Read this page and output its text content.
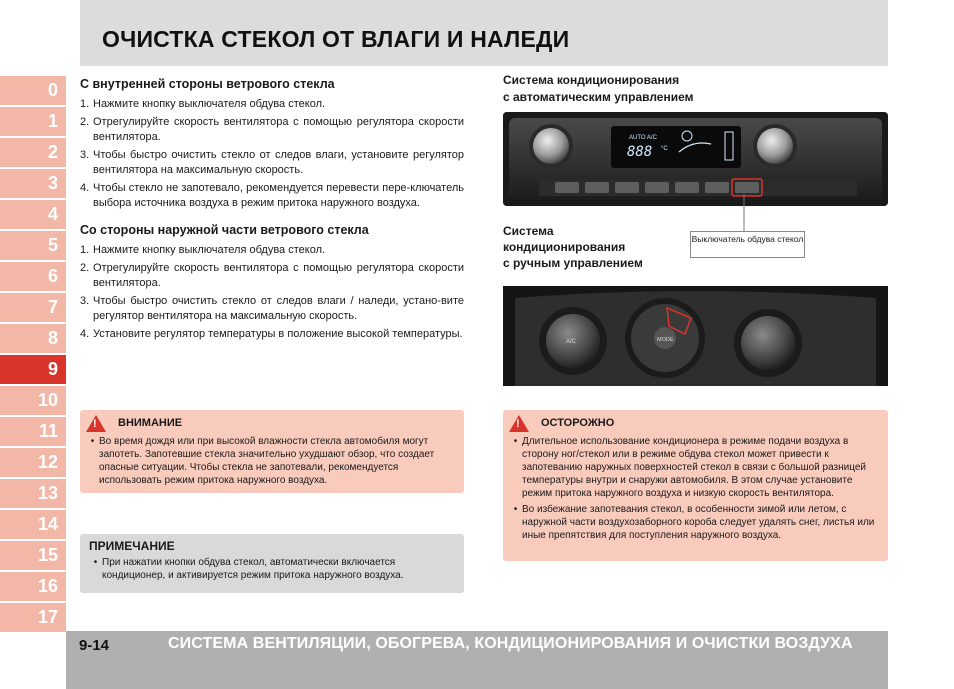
ОЧИСТКА СТЕКОЛ ОТ ВЛАГИ И НАЛЕДИ
0
1
2
3
4
5
6
7
8
9
10
11
12
13
14
15
16
17
С внутренней стороны ветрового стекла
1. Нажмите кнопку выключателя обдува стекол.
2. Отрегулируйте скорость вентилятора с помощью регулятора скорости вентилятора.
3. Чтобы быстро очистить стекло от следов влаги, установите регулятор вентилятора на максимальную скорость.
4. Чтобы стекло не запотевало, рекомендуется перевести пере-ключатель выбора источника воздуха в режим притока наружного воздуха.
Со стороны наружной части ветрового стекла
1. Нажмите кнопку выключателя обдува стекол.
2. Отрегулируйте скорость вентилятора с помощью регулятора скорости вентилятора.
3. Чтобы быстро очистить стекло от следов влаги / наледи, устано-вите регулятор вентилятора на максимальную скорость.
4. Установите регулятор температуры в положение высокой температуры.
! ВНИМАНИЕ
• Во время дождя или при высокой влажности стекла автомобиля могут запотеть. Запотевшие стекла значительно ухудшают обзор, что создает опасные ситуации. Чтобы стекла не запотевали, рекомендуется использовать режим притока наружного воздуха.
ПРИМЕЧАНИЕ
• При нажатии кнопки обдува стекол, автоматически включается кондиционер, и активируется режим притока наружного воздуха.
Система кондиционирования
с автоматическим управлением
AUTO A/C
888 °C
Выключатель обдува стекол
Система
кондиционирования
с ручным управлением
A/C	MODE
! ОСТОРОЖНО
• Длительное использование кондиционера в режиме подачи воздуха в сторону ног/стекол или в режиме обдува стекол может привести к запотеванию наружных поверхностей стекол в связи с большой разницей температуры внутри и снаружи автомобиля. В этом случае установите режим притока наружного воздуха и низкую скорость вентилятора.
• Во избежание запотевания стекол, в особенности зимой или летом, с наружной части воздухозаборного короба следует удалять снег, листья или иные препятствия для поступления наружного воздуха.
9-14	СИСТЕМА ВЕНТИЛЯЦИИ, ОБОГРЕВА, КОНДИЦИОНИРОВАНИЯ И ОЧИСТКИ ВОЗДУХА
